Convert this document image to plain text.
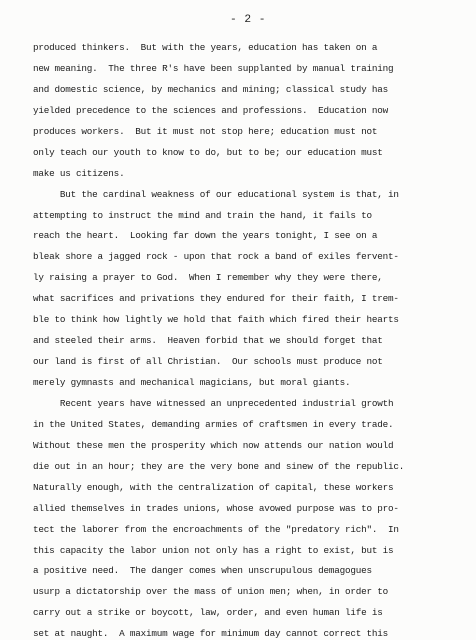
- 2 -
produced thinkers.  But with the years, education has taken on a
new meaning.  The three R's have been supplanted by manual training
and domestic science, by mechanics and mining; classical study has
yielded precedence to the sciences and professions.  Education now
produces workers.  But it must not stop here; education must not
only teach our youth to know to do, but to be; our education must
make us citizens.
But the cardinal weakness of our educational system is that, in
attempting to instruct the mind and train the hand, it fails to
reach the heart.  Looking far down the years tonight, I see on a
bleak shore a jagged rock - upon that rock a band of exiles fervent-
ly raising a prayer to God.  When I remember why they were there,
what sacrifices and privations they endured for their faith, I trem-
ble to think how lightly we hold that faith which fired their hearts
and steeled their arms.  Heaven forbid that we should forget that
our land is first of all Christian.  Our schools must produce not
merely gymnasts and mechanical magicians, but moral giants.
Recent years have witnessed an unprecedented industrial growth
in the United States, demanding armies of craftsmen in every trade.
Without these men the prosperity which now attends our nation would
die out in an hour; they are the very bone and sinew of the republic.
Naturally enough, with the centralization of capital, these workers
allied themselves in trades unions, whose avowed purpose was to pro-
tect the laborer from the encroachments of the "predatory rich".  In
this capacity the labor union not only has a right to exist, but is
a positive need.  The danger comes when unscrupulous demagogues
usurp a dictatorship over the mass of union men; when, in order to
carry out a strike or boycott, law, order, and even human life is
set at naught.  A maximum wage for minimum day cannot correct this
